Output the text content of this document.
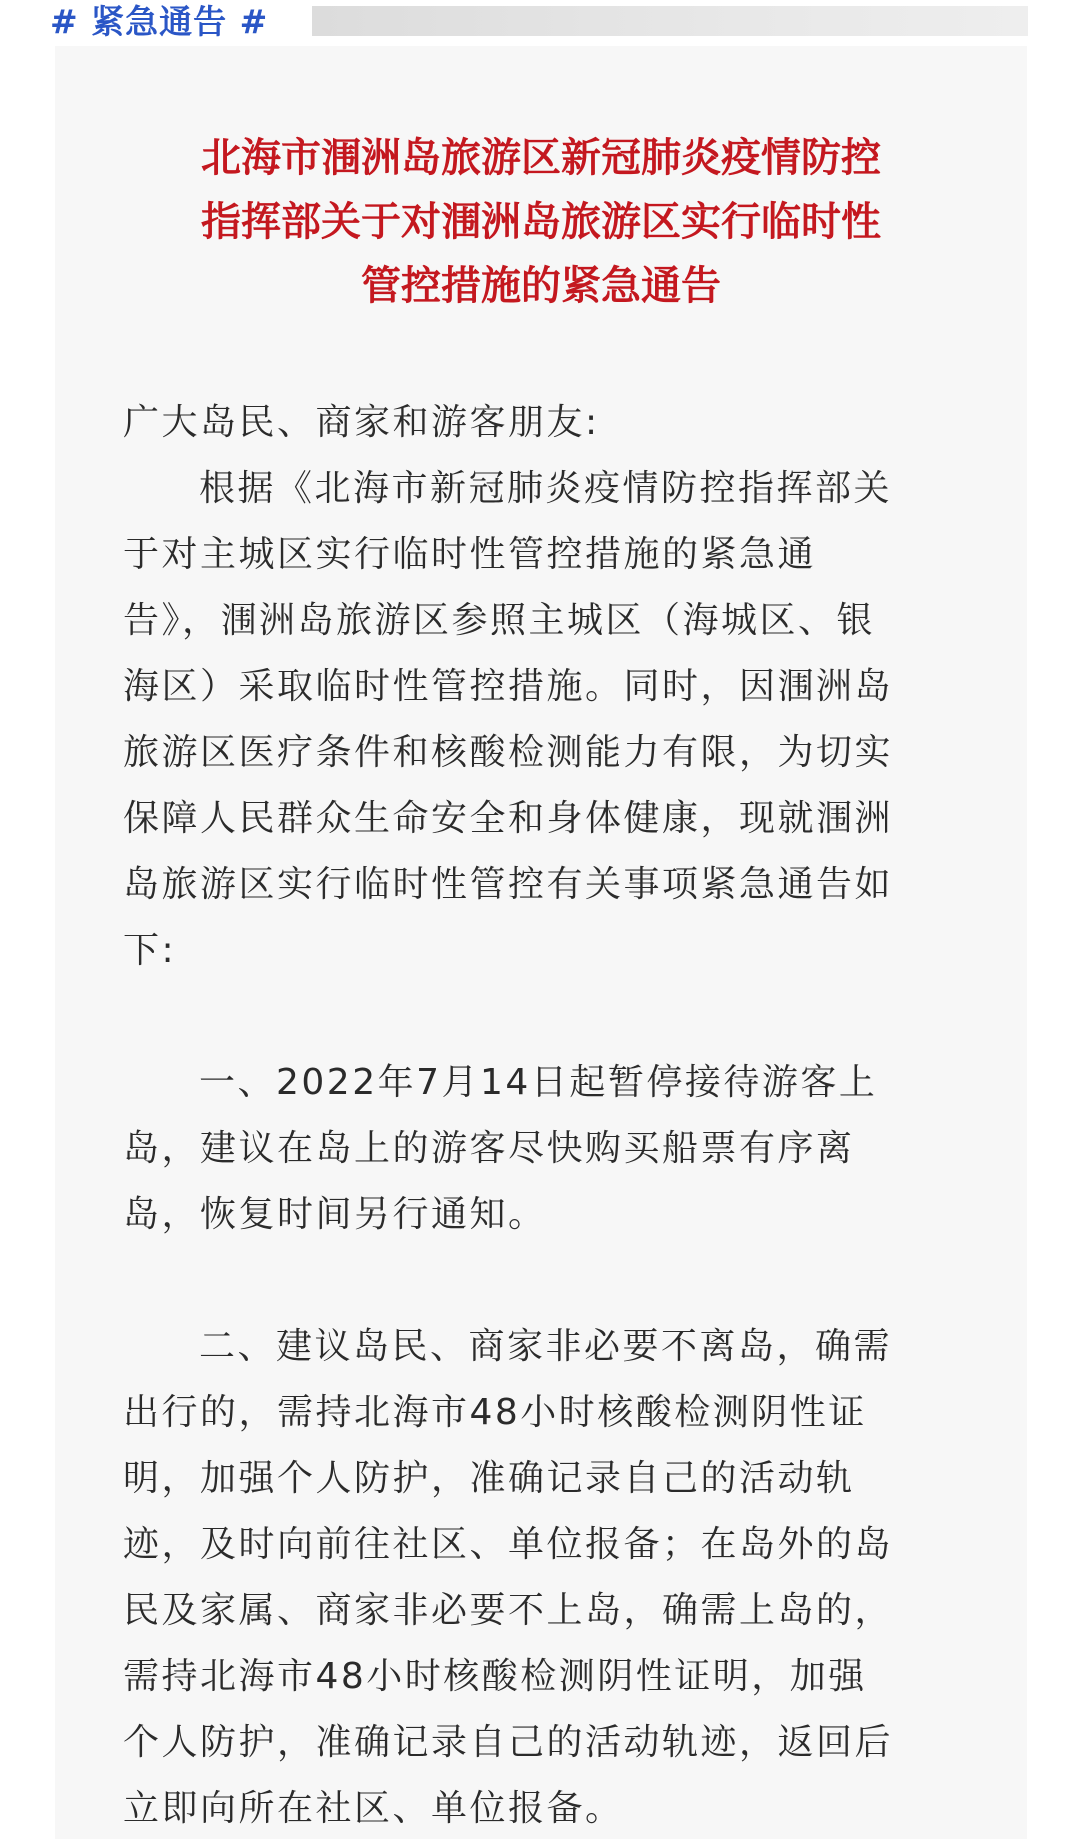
# 紧急通告 #
北海市涠洲岛旅游区新冠肺炎疫情防控
指挥部关于对涠洲岛旅游区实行临时性
管控措施的紧急通告

广大岛民、商家和游客朋友:

根据《北海市新冠肺炎疫情防控指挥部关
于对主城区实行临时性管控措施的紧急通
告》，涠洲岛旅游区参照主城区（海城区、银
海区）采取临时性管控措施。同时，因涠洲岛
旅游区医疗条件和核酸检测能力有限，为切实
保障人民群众生命安全和身体健康，现就涠洲
岛旅游区实行临时性管控有关事项紧急通告如
下:

一、2022年7月14日起暂停接待游客上
岛，建议在岛上的游客尽快购买船票有序离
岛，恢复时间另行通知。

二、建议岛民、商家非必要不离岛，确需
出行的，需持北海市48小时核酸检测阴性证
明，加强个人防护，准确记录自己的活动轨
迹，及时向前往社区、单位报备；在岛外的岛
民及家属、商家非必要不上岛，确需上岛的，
需持北海市48小时核酸检测阴性证明，加强
个人防护，准确记录自己的活动轨迹，返回后
立即向所在社区、单位报备。
